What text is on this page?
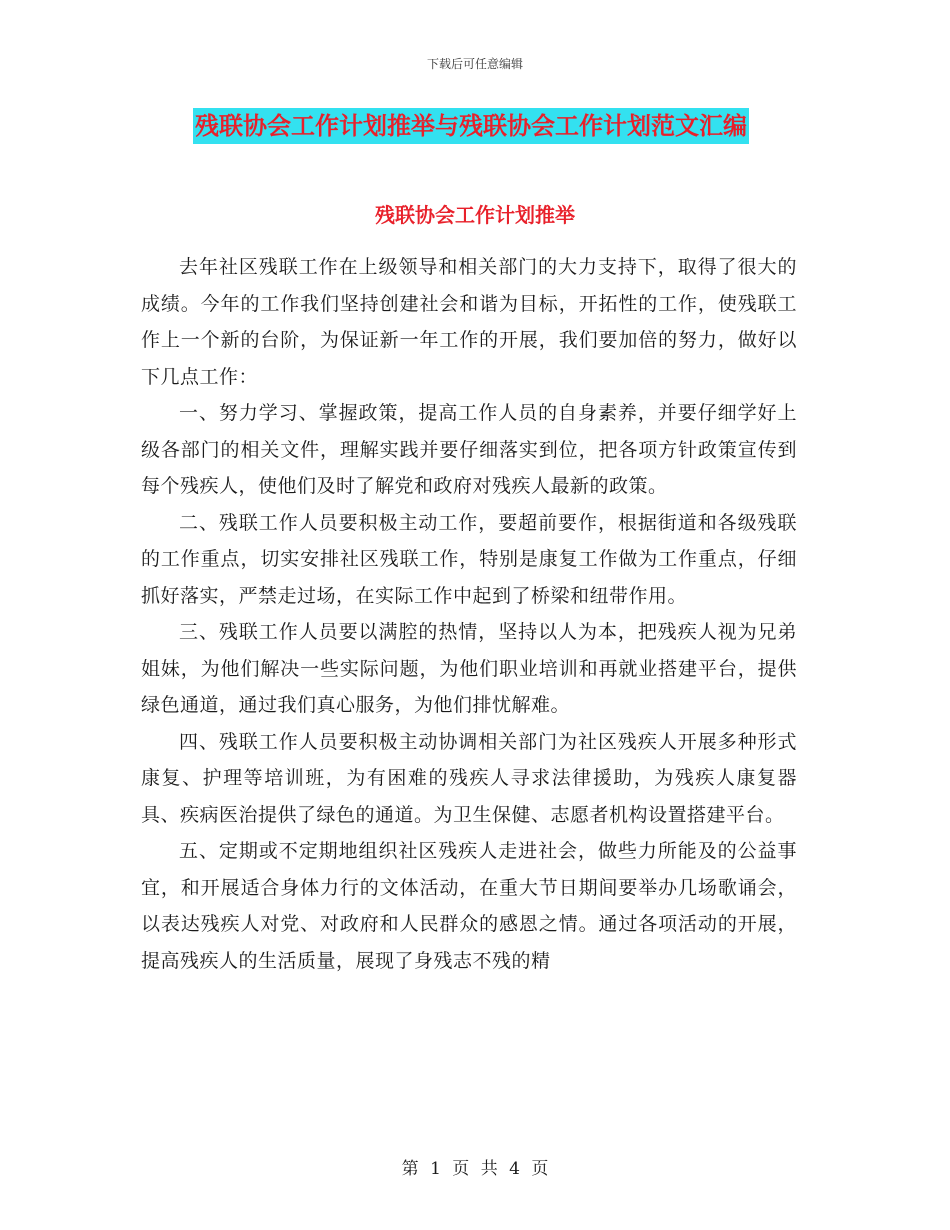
下载后可任意编辑
残联协会工作计划推举与残联协会工作计划范文汇编
残联协会工作计划推举

去年社区残联工作在上级领导和相关部门的大力支持下，取得了很大的成绩。今年的工作我们坚持创建社会和谐为目标，开拓性的工作，使残联工作上一个新的台阶，为保证新一年工作的开展，我们要加倍的努力，做好以下几点工作：

一、努力学习、掌握政策，提高工作人员的自身素养，并要仔细学好上级各部门的相关文件，理解实践并要仔细落实到位，把各项方针政策宣传到每个残疾人，使他们及时了解党和政府对残疾人最新的政策。

二、残联工作人员要积极主动工作，要超前要作，根据街道和各级残联的工作重点，切实安排社区残联工作，特别是康复工作做为工作重点，仔细抓好落实，严禁走过场，在实际工作中起到了桥梁和纽带作用。

三、残联工作人员要以满腔的热情，坚持以人为本，把残疾人视为兄弟姐妹，为他们解决一些实际问题，为他们职业培训和再就业搭建平台，提供绿色通道，通过我们真心服务，为他们排忧解难。

四、残联工作人员要积极主动协调相关部门为社区残疾人开展多种形式康复、护理等培训班，为有困难的残疾人寻求法律援助，为残疾人康复器具、疾病医治提供了绿色的通道。为卫生保健、志愿者机构设置搭建平台。

五、定期或不定期地组织社区残疾人走进社会，做些力所能及的公益事宜，和开展适合身体力行的文体活动，在重大节日期间要举办几场歌诵会，以表达残疾人对党、对政府和人民群众的感恩之情。通过各项活动的开展，提高残疾人的生活质量，展现了身残志不残的精

第 1 页 共 4 页
